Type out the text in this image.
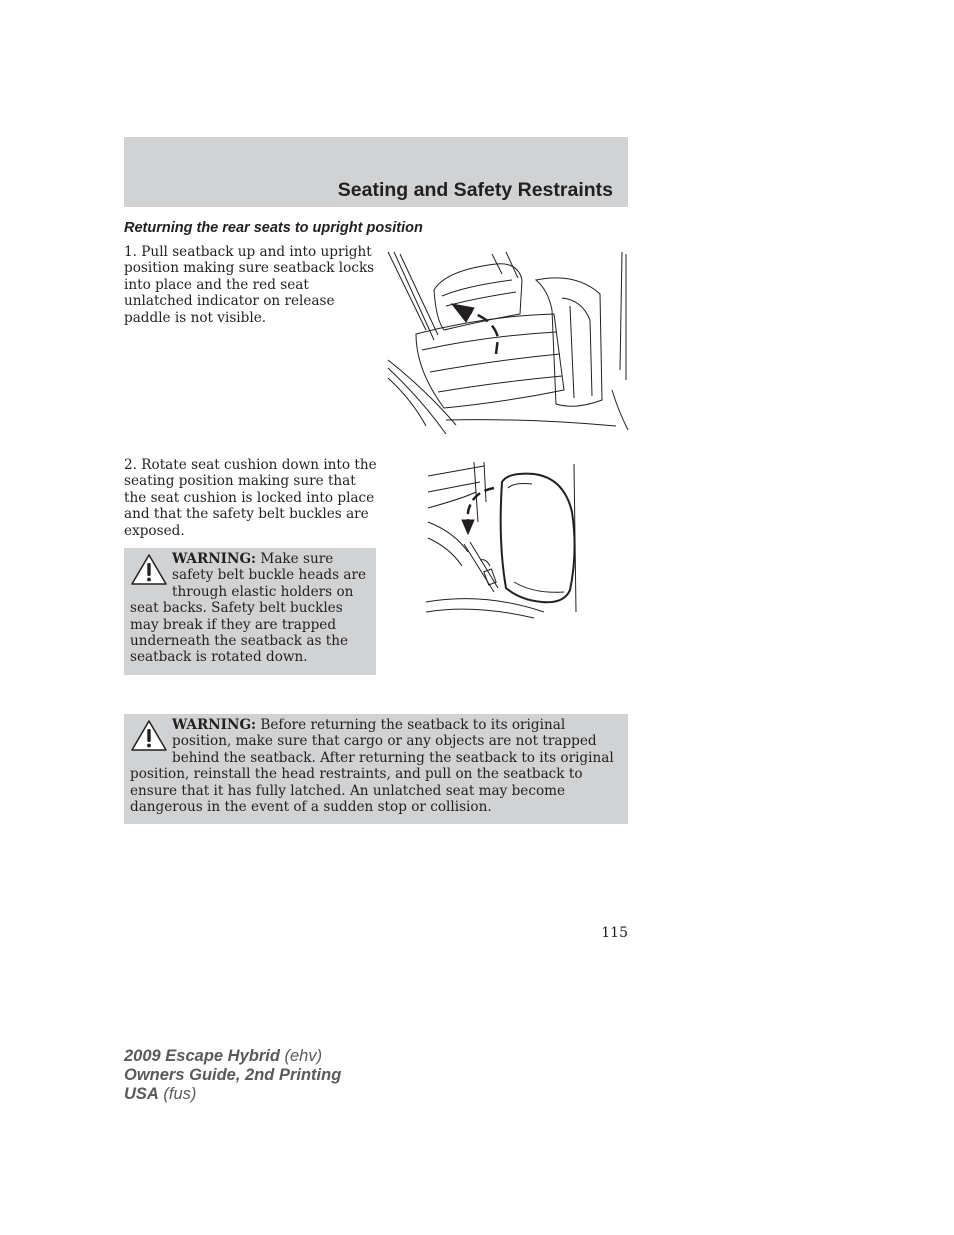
Seating and Safety Restraints
Returning the rear seats to upright position
1. Pull seatback up and into upright position making sure seatback locks into place and the red seat unlatched indicator on release paddle is not visible.
2. Rotate seat cushion down into the seating position making sure that the seat cushion is locked into place and that the safety belt buckles are exposed.
WARNING: Make sure safety belt buckle heads are through elastic holders on seat backs. Safety belt buckles may break if they are trapped underneath the seatback as the seatback is rotated down.
WARNING: Before returning the seatback to its original position, make sure that cargo or any objects are not trapped behind the seatback. After returning the seatback to its original position, reinstall the head restraints, and pull on the seatback to ensure that it has fully latched. An unlatched seat may become dangerous in the event of a sudden stop or collision.
115
2009 Escape Hybrid (ehv)
Owners Guide, 2nd Printing
USA (fus)
